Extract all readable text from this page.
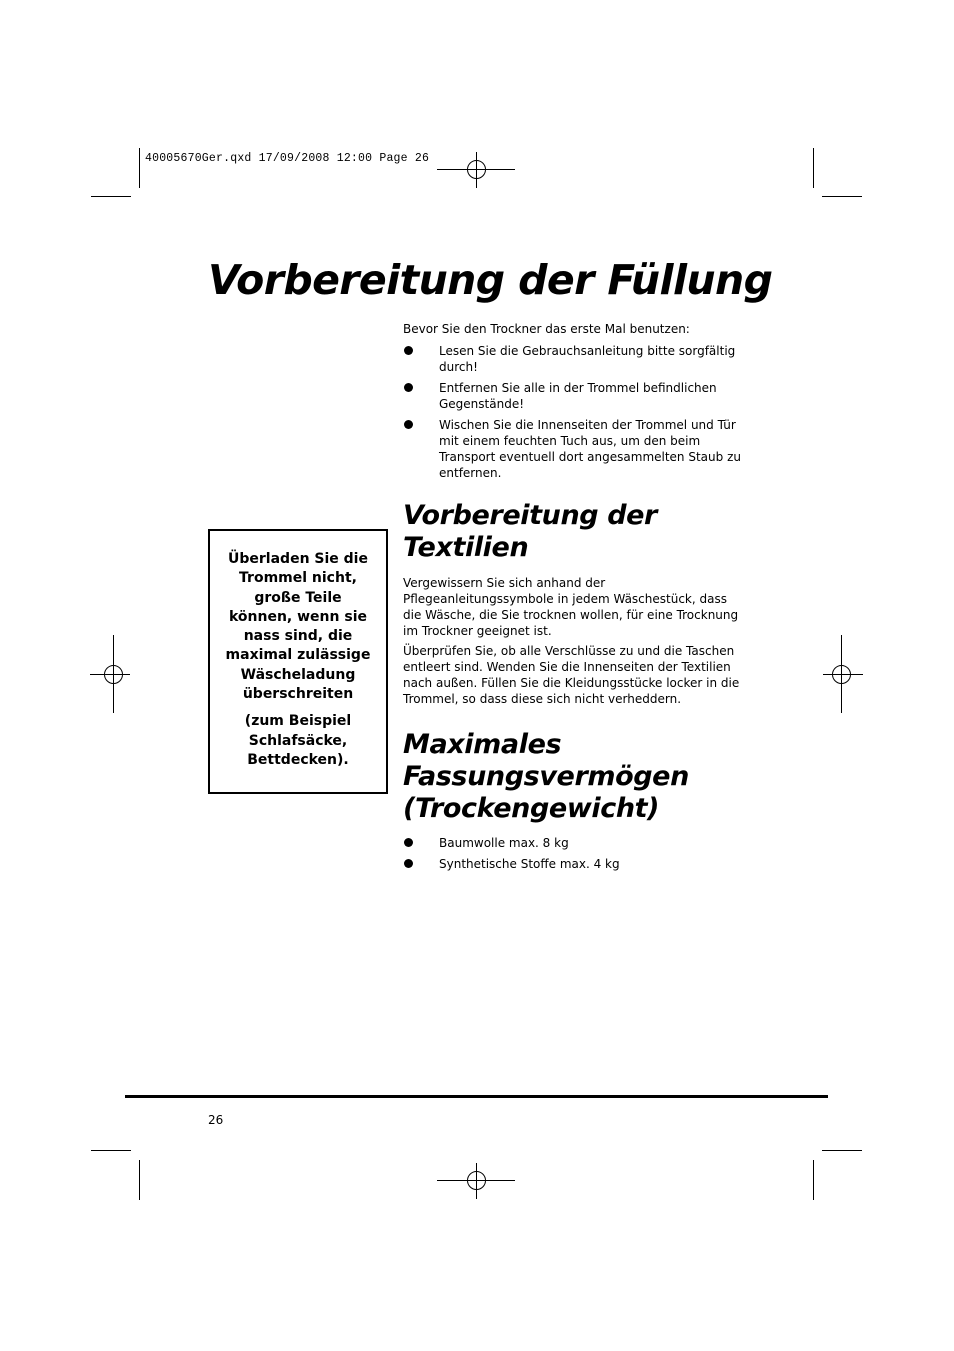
40005670Ger.qxd 17/09/2008 12:00 Page 26
Vorbereitung der Füllung

Bevor Sie den Trockner das erste Mal benutzen:

Lesen Sie die Gebrauchsanleitung bitte sorgfältig durch!
Entfernen Sie alle in der Trommel befindlichen Gegenstände!
Wischen Sie die Innenseiten der Trommel und Tür mit einem feuchten Tuch aus, um den beim Transport eventuell dort angesammelten Staub zu entfernen.
Vorbereitung der
Textilien

Vergewissern Sie sich anhand der Pflegeanleitungssymbole in jedem Wäschestück, dass die Wäsche, die Sie trocknen wollen, für eine Trocknung im Trockner geeignet ist.

Überprüfen Sie, ob alle Verschlüsse zu und die Taschen entleert sind. Wenden Sie die Innenseiten der Textilien nach außen. Füllen Sie die Kleidungsstücke locker in die Trommel, so dass diese sich nicht verheddern.

Maximales
Fassungsvermögen
(Trockengewicht)
Baumwolle max. 8 kg
Synthetische Stoffe max. 4 kg
Überladen Sie die Trommel nicht, große Teile können, wenn sie nass sind, die maximal zulässige Wäscheladung überschreiten
(zum Beispiel Schlafsäcke, Bettdecken).
26
